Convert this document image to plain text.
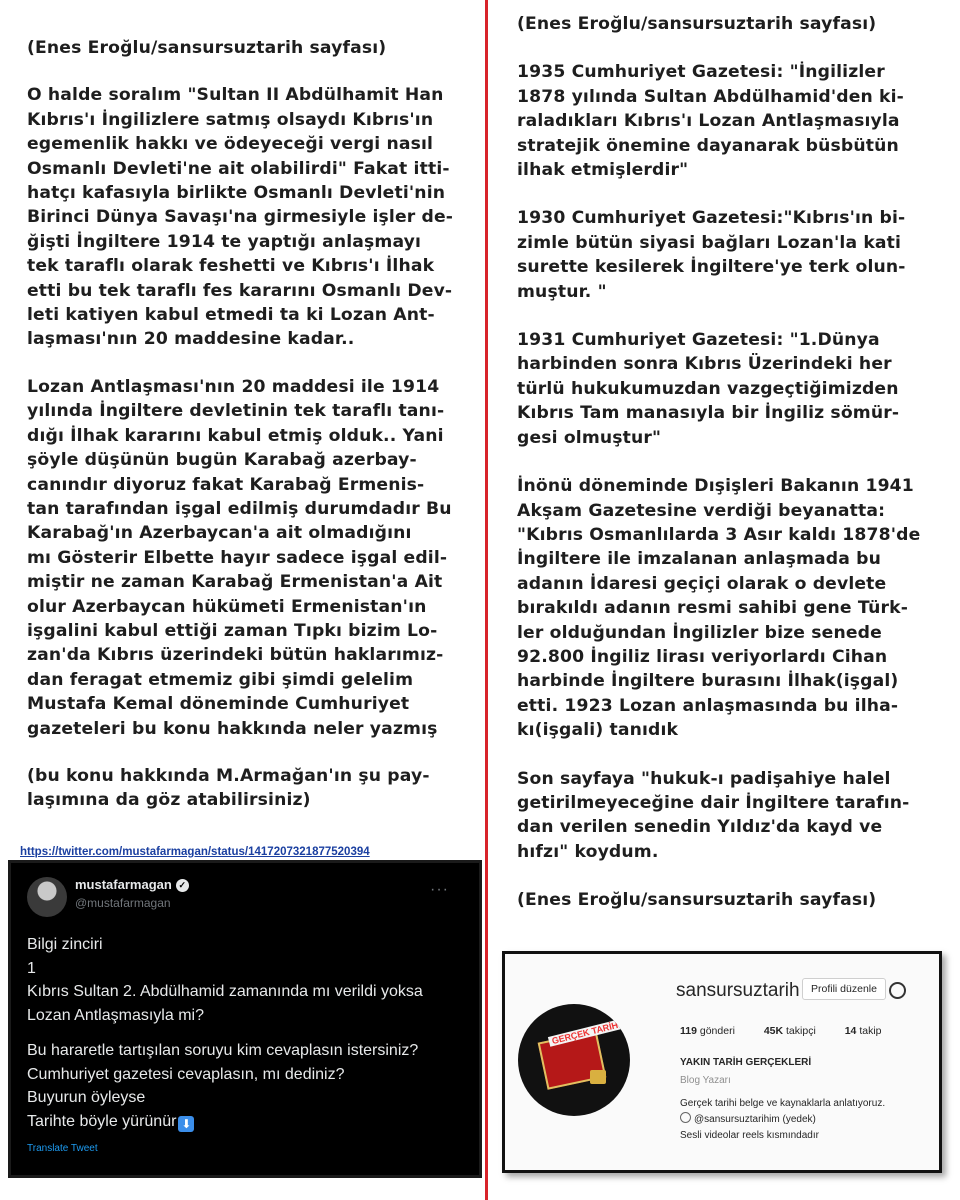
(Enes Eroğlu/sansursuztarih sayfası)

O halde soralım "Sultan II Abdülhamit Han
Kıbrıs'ı İngilizlere satmış olsaydı Kıbrıs'ın
egemenlik hakkı ve ödeyeceği vergi nasıl
Osmanlı Devleti'ne ait olabilirdi" Fakat itti-
hatçı kafasıyla birlikte Osmanlı Devleti'nin
Birinci Dünya Savaşı'na girmesiyle işler de-
ğişti İngiltere 1914 te yaptığı anlaşmayı
tek taraflı olarak feshetti ve Kıbrıs'ı İlhak
etti bu tek taraflı fes kararını Osmanlı Dev-
leti katiyen kabul etmedi ta ki Lozan Ant-
laşması'nın 20 maddesine kadar..

Lozan Antlaşması'nın 20 maddesi ile 1914
yılında İngiltere devletinin tek taraflı tanı-
dığı İlhak kararını kabul etmiş olduk.. Yani
şöyle düşünün bugün Karabağ azerbay-
canındır diyoruz fakat Karabağ Ermenis-
tan tarafından işgal edilmiş durumdadır Bu
Karabağ'ın Azerbaycan'a ait olmadığını
mı Gösterir Elbette hayır sadece işgal edil-
miştir ne zaman Karabağ Ermenistan'a Ait
olur Azerbaycan hükümeti Ermenistan'ın
işgalini kabul ettiği zaman Tıpkı bizim Lo-
zan'da Kıbrıs üzerindeki bütün haklarımız-
dan feragat etmemiz gibi şimdi gelelim
Mustafa Kemal döneminde Cumhuriyet
gazeteleri bu konu hakkında neler yazmış

(bu konu hakkında M.Armağan'ın şu pay-
laşımına da göz atabilirsiniz)

https://twitter.com/mustafarmagan/status/1417207321877520394
mustafarmagan ✓
@mustafarmagan
···
Bilgi zinciri
1
Kıbrıs Sultan 2. Abdülhamid zamanında mı verildi yoksa
Lozan Antlaşmasıyla mi?
Bu hararetle tartışılan soruyu kim cevaplasın istersiniz?
Cumhuriyet gazetesi cevaplasın, mı dediniz?
Buyurun öyleyse
Tarihte böyle yürünür ⬇
Translate Tweet

(Enes Eroğlu/sansursuztarih sayfası)

1935 Cumhuriyet Gazetesi: "İngilizler
1878 yılında Sultan Abdülhamid'den ki-
raladıkları Kıbrıs'ı Lozan Antlaşmasıyla
stratejik önemine dayanarak büsbütün
ilhak etmişlerdir"

1930 Cumhuriyet Gazetesi:"Kıbrıs'ın bi-
zimle bütün siyasi bağları Lozan'la kati
surette kesilerek İngiltere'ye terk olun-
muştur. "

1931 Cumhuriyet Gazetesi: "1.Dünya
harbinden sonra Kıbrıs Üzerindeki her
türlü hukukumuzdan vazgeçtiğimizden
Kıbrıs Tam manasıyla bir İngiliz sömür-
gesi olmuştur"

İnönü döneminde Dışişleri Bakanın 1941
Akşam Gazetesine verdiği beyanatta:
"Kıbrıs Osmanlılarda 3 Asır kaldı 1878'de
İngiltere ile imzalanan anlaşmada bu
adanın İdaresi geçiçi olarak o devlete
bırakıldı adanın resmi sahibi gene Türk-
ler olduğundan İngilizler bize senede
92.800 İngiliz lirası veriyorlardı Cihan
harbinde İngiltere burasını İlhak(işgal)
etti. 1923 Lozan anlaşmasında bu ilha-
kı(işgali) tanıdık

Son sayfaya "hukuk-ı padişahiye halel
getirilmeyeceğine dair İngiltere tarafın-
dan verilen senedin Yıldız'da kayd ve
hıfzı" koydum.

(Enes Eroğlu/sansursuztarih sayfası)

GERÇEK TARİH
sansursuztarih	Profili düzenle
119 gönderi	45K takipçi	14 takip
YAKIN TARİH GERÇEKLERİ
Blog Yazarı
Gerçek tarihi belge ve kaynaklarla anlatıyoruz.
@sansursuztarihim (yedek)
Sesli videolar reels kısmındadır
